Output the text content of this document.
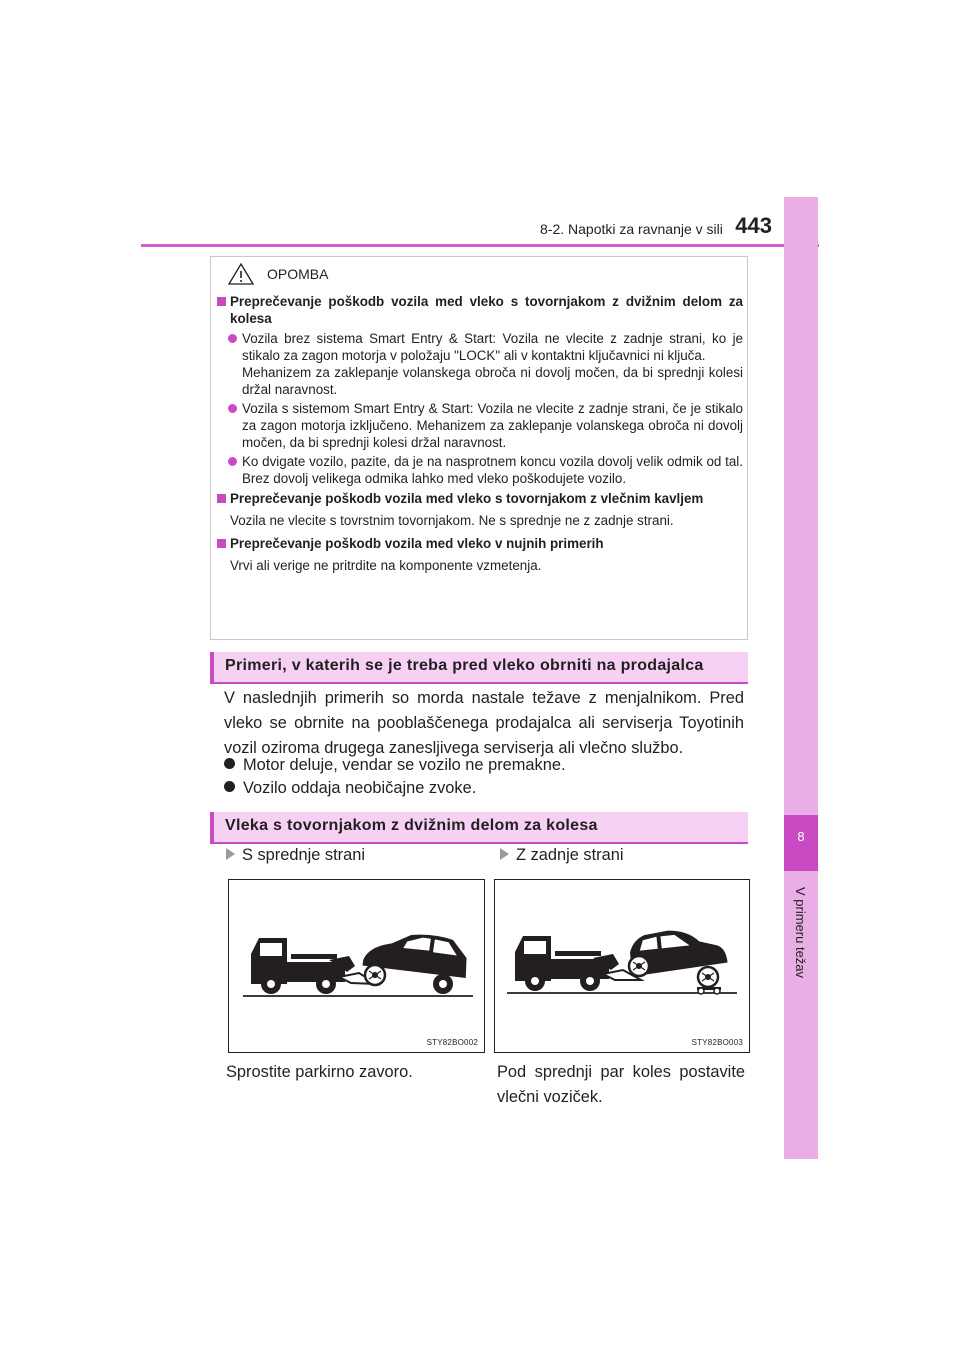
8-2. Napotki za ravnanje v sili 443
8
V primeru težav
OPOMBA
Preprečevanje poškodb vozila med vleko s tovornjakom z dvižnim delom za kolesa
Vozila brez sistema Smart Entry & Start: Vozila ne vlecite z zadnje strani, ko je stikalo za zagon motorja v položaju "LOCK" ali v kontaktni ključavnici ni ključa.
Mehanizem za zaklepanje volanskega obroča ni dovolj močen, da bi sprednji kolesi držal naravnost.
Vozila s sistemom Smart Entry & Start: Vozila ne vlecite z zadnje strani, če je stikalo za zagon motorja izključeno. Mehanizem za zaklepanje volanskega obroča ni dovolj močen, da bi sprednji kolesi držal naravnost.
Ko dvigate vozilo, pazite, da je na nasprotnem koncu vozila dovolj velik odmik od tal. Brez dovolj velikega odmika lahko med vleko poškodujete vozilo.
Preprečevanje poškodb vozila med vleko s tovornjakom z vlečnim kavljem
Vozila ne vlecite s tovrstnim tovornjakom. Ne s sprednje ne z zadnje strani.
Preprečevanje poškodb vozila med vleko v nujnih primerih
Vrvi ali verige ne pritrdite na komponente vzmetenja.
Primeri, v katerih se je treba pred vleko obrniti na prodajalca
V naslednjih primerih so morda nastale težave z menjalnikom. Pred vleko se obrnite na pooblaščenega prodajalca ali serviserja Toyotinih vozil oziroma drugega zanesljivega serviserja ali vlečno službo.
Motor deluje, vendar se vozilo ne premakne.
Vozilo oddaja neobičajne zvoke.
Vleka s tovornjakom z dvižnim delom za kolesa
S sprednje strani	Z zadnje strani
STY82BO002	STY82BO003
Sprostite parkirno zavoro.	Pod sprednji par koles postavite
vlečni voziček.
